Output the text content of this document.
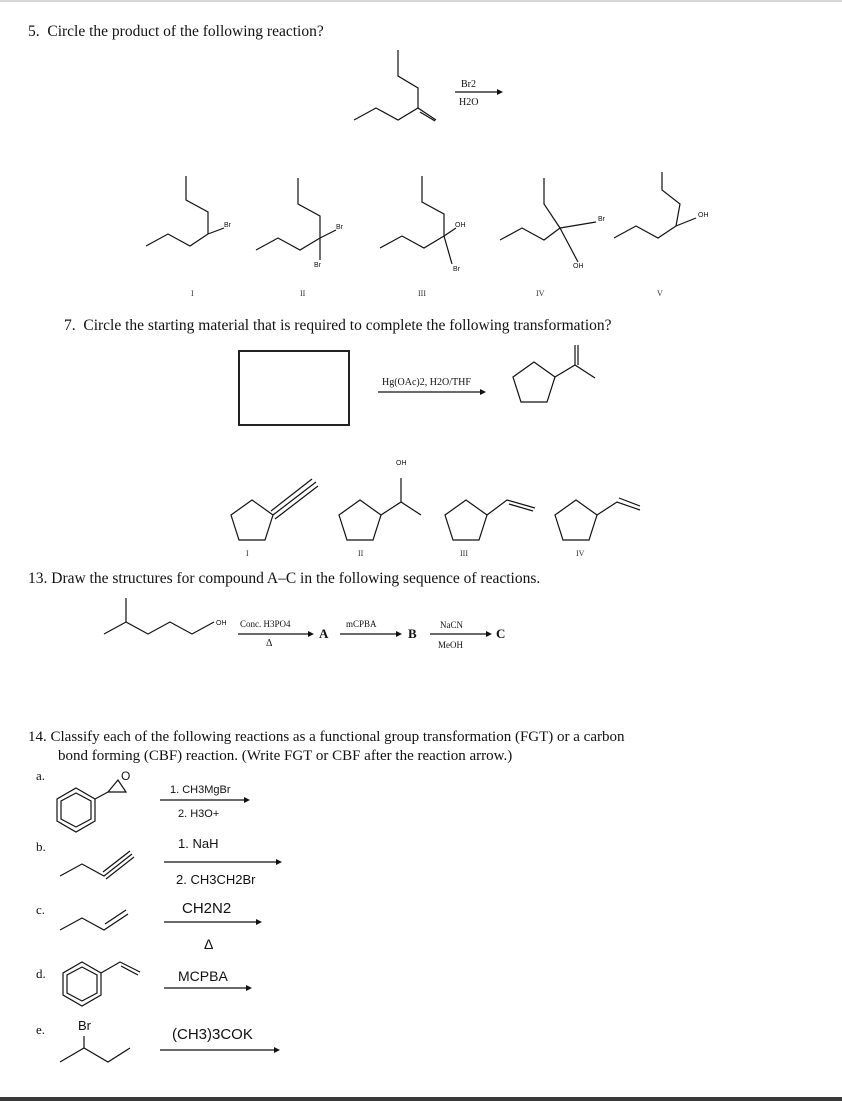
5. Circle the product of the following reaction?
Br2
H2O
Br	Br
Br
OH
Br
Br
OH
OH
I	II	III	IV	V
7. Circle the starting material that is required to complete the following transformation?
Hg(OAc)2, H2O/THF
OH
I	II	III	IV
13. Draw the structures for compound A–C in the following sequence of reactions.
OH Conc. H3PO4
Δ
A
mCPBA
B
NaCN
MeOH
C
14. Classify each of the following reactions as a functional group transformation (FGT) or a carbon
bond forming (CBF) reaction. (Write FGT or CBF after the reaction arrow.)
a.	O
1. CH3MgBr
2. H3O+
b.	1. NaH
2. CH3CH2Br
c.	CH2N2
Δ
d.	MCPBA
e.	Br
(CH3)3COK
